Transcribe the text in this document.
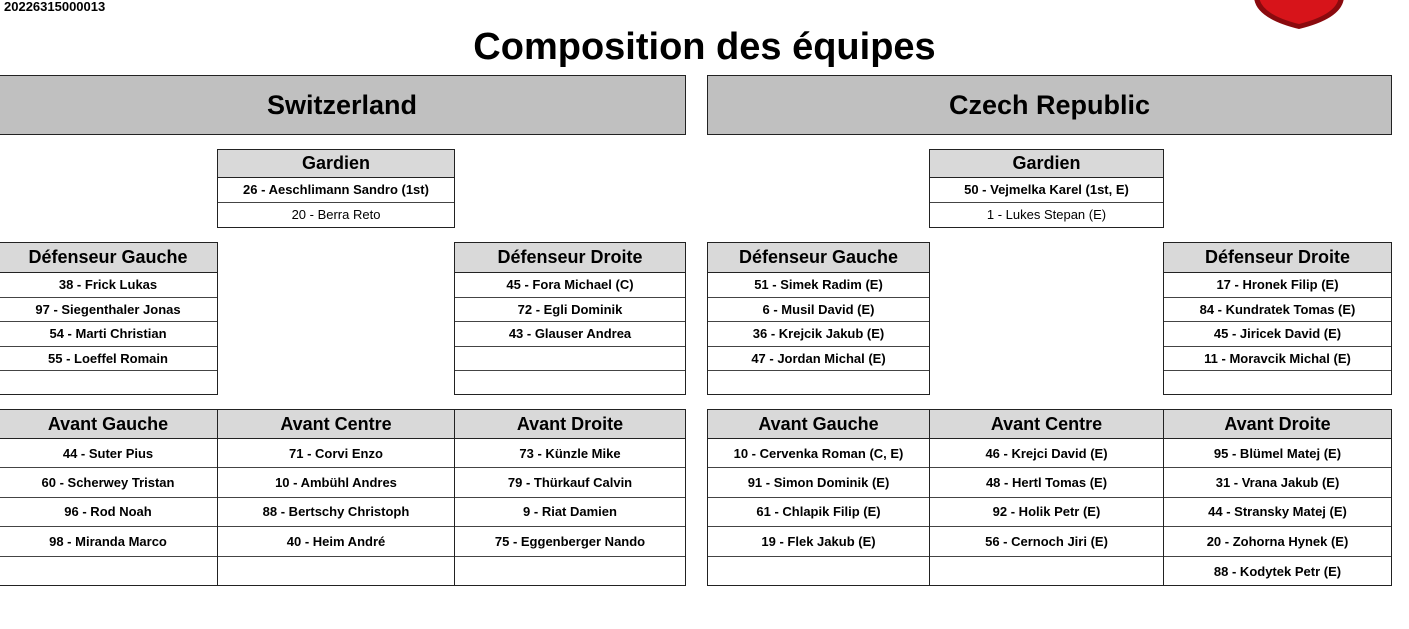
20226315000013
Composition des équipes
Switzerland	Czech Republic
Gardien
26 - Aeschlimann Sandro (1st)
20 - Berra Reto
Gardien
50 - Vejmelka Karel (1st, E)
1 - Lukes Stepan (E)
Défenseur Gauche
38 - Frick Lukas
97 - Siegenthaler Jonas
54 - Marti Christian
55 - Loeffel Romain
Défenseur Droite
45 - Fora Michael (C)
72 - Egli Dominik
43 - Glauser Andrea
Défenseur Gauche
51 - Simek Radim (E)
6 - Musil David (E)
36 - Krejcik Jakub (E)
47 - Jordan Michal (E)
Défenseur Droite
17 - Hronek Filip (E)
84 - Kundratek Tomas (E)
45 - Jiricek David (E)
11 - Moravcik Michal (E)
Avant Gauche
44 - Suter Pius
60 - Scherwey Tristan
96 - Rod Noah
98 - Miranda Marco
Avant Centre
71 - Corvi Enzo
10 - Ambühl Andres
88 - Bertschy Christoph
40 - Heim André
Avant Droite
73 - Künzle Mike
79 - Thürkauf Calvin
9 - Riat Damien
75 - Eggenberger Nando
Avant Gauche
10 - Cervenka Roman (C, E)
91 - Simon Dominik (E)
61 - Chlapik Filip (E)
19 - Flek Jakub (E)
Avant Centre
46 - Krejci David (E)
48 - Hertl Tomas (E)
92 - Holik Petr (E)
56 - Cernoch Jiri (E)
Avant Droite
95 - Blümel Matej (E)
31 - Vrana Jakub (E)
44 - Stransky Matej (E)
20 - Zohorna Hynek (E)
88 - Kodytek Petr (E)
